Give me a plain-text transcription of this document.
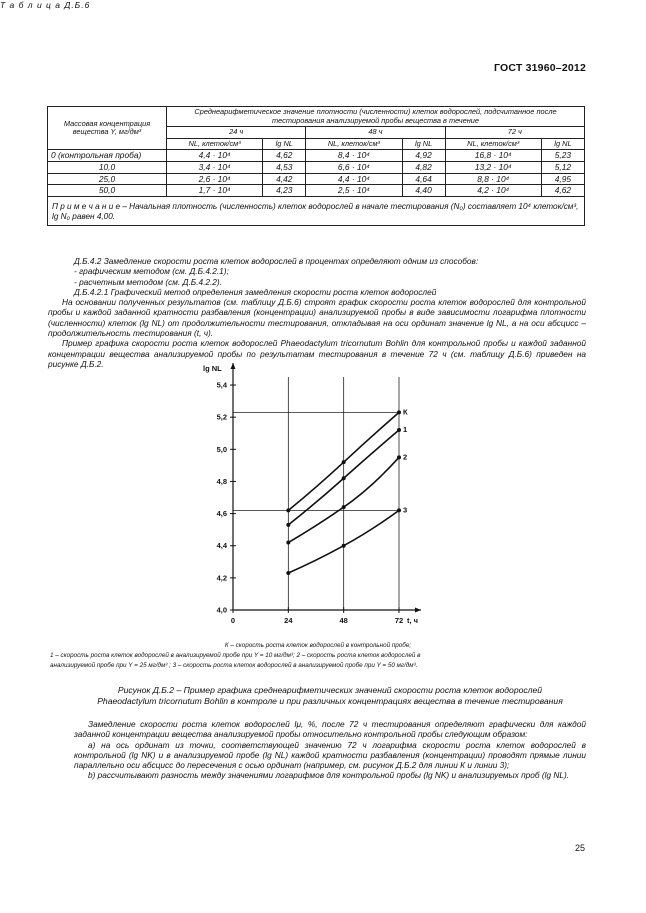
ГОСТ 31960–2012
Т а б л и ц а Д.Б.6
Массовая концентрация вещества Y, мг/дм³	Среднеарифметическое значение плотности (численности) клеток водорослей, подсчитанное после тестирования анализируемой пробы вещества в течение					
	24 ч		48 ч		72 ч	
	NL, клеток/см³	lg NL	NL, клеток/см³	lg NL	NL, клеток/см³	lg NL
0 (контрольная проба)	4,4 · 10⁴	4,62	8,4 · 10⁴	4,92	16,8 · 10⁴	5,23
10,0	3,4 · 10⁴	4,53	6,6 · 10⁴	4,82	13,2 · 10⁴	5,12
25,0	2,6 · 10⁴	4,42	4,4 · 10⁴	4,64	8,8 · 10⁴	4,95
50,0	1,7 · 10⁴	4,23	2,5 · 10⁴	4,40	4,2 · 10⁴	4,62
П р и м е ч а н и е – Начальная плотность (численность) клеток водорослей в начале тестирования (N₀) составляет 10⁴ клеток/см³, lg N₀ равен 4,00.						

Д.Б.4.2 Замедление скорости роста клеток водорослей в процентах определяют одним из способов:

- графическим методом (см. Д.Б.4.2.1);

- расчетным методом (см. Д.Б.4.2.2).

Д.Б.4.2.1 Графический метод определения замедления скорости роста клеток водорослей

На основании полученных результатов (см. таблицу Д.Б.6) строят график скорости роста клеток водорослей для контрольной пробы и каждой заданной кратности разбавления (концентрации) анализируемой пробы в виде зависимости логарифма плотности (численности) клеток (lg NL) от продолжительности тестирования, откладывая на оси ординат значение lg NL, а на оси абсцисс – продолжительность тестирования (t, ч).

Пример графика скорости роста клеток водорослей Phaeodactylum tricornutum Bohlin для контрольной пробы и каждой заданной концентрации вещества анализируемой пробы по результатам тестирования в течение 72 ч (см. таблицу Д.Б.6) приведен на рисунке Д.Б.2.

4,0
4,2
4,4
4,6
4,8
5,0
5,2
5,4
0	24	48	72
lg NL
t, ч
К
1
2
3
К – скорость роста клеток водорослей в контрольной пробе;
1 – скорость роста клеток водорослей в анализируемой пробе при Y = 10 мг/дм³; 2 – скорость роста клеток водорослей в
анализируемой пробе при Y = 25 мг/дм³ ; 3 – скорость роста клеток водорослей в анализируемой пробе при Y = 50 мг/дм³.
Рисунок Д.Б.2 – Пример графика среднеарифметических значений скорости роста клеток водорослей
Phaeodactylum tricornutum Bohlin в контроле и при различных концентрациях вещества в течение тестирования

Замедление скорости роста клеток водорослей Iμ, %, после 72 ч тестирования определяют графически для каждой заданной концентрации вещества анализируемой пробы относительно контрольной пробы следующим образом:

а) на ось ординат из точки, соответствующей значению 72 ч логарифма скорости роста клеток водорослей в контрольной (lg NK) и в анализируемой пробе (lg NL) каждой кратности разбавления (концентрации) проводят прямые линии параллельно оси абсцисс до пересечения с осью ординат (например, см. рисунок Д.Б.2 для линии К и линии 3);

b) рассчитывают разность между значениями логарифмов для контрольной пробы (lg NK) и анализируемых проб (lg NL).

25
